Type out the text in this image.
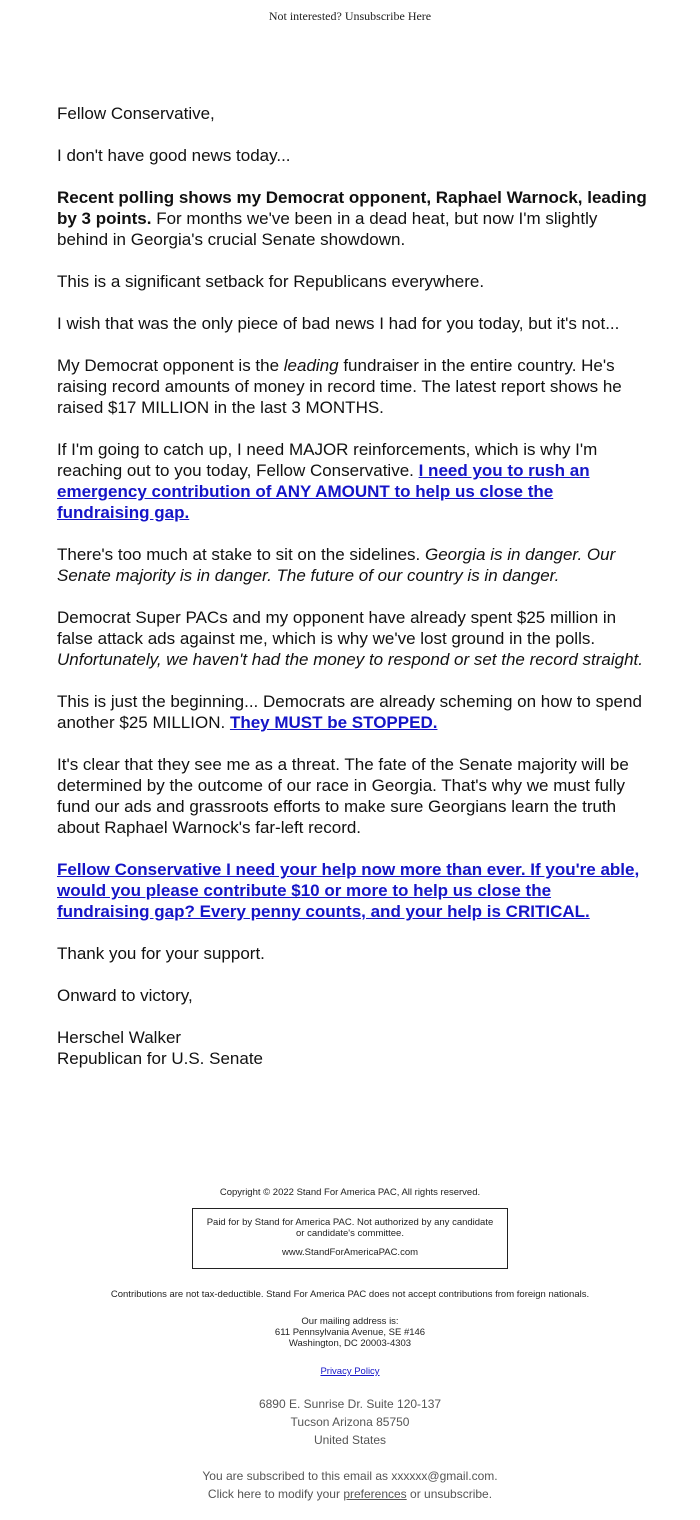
Not interested? Unsubscribe Here

Fellow Conservative,

I don't have good news today...

Recent polling shows my Democrat opponent, Raphael Warnock, leading by 3 points. For months we've been in a dead heat, but now I'm slightly behind in Georgia's crucial Senate showdown.

This is a significant setback for Republicans everywhere.

I wish that was the only piece of bad news I had for you today, but it's not...

My Democrat opponent is the leading fundraiser in the entire country. He's raising record amounts of money in record time. The latest report shows he raised $17 MILLION in the last 3 MONTHS.

If I'm going to catch up, I need MAJOR reinforcements, which is why I'm reaching out to you today, Fellow Conservative. I need you to rush an emergency contribution of ANY AMOUNT to help us close the fundraising gap.

There's too much at stake to sit on the sidelines. Georgia is in danger. Our Senate majority is in danger. The future of our country is in danger.

Democrat Super PACs and my opponent have already spent $25 million in false attack ads against me, which is why we've lost ground in the polls. Unfortunately, we haven't had the money to respond or set the record straight.

This is just the beginning... Democrats are already scheming on how to spend another $25 MILLION. They MUST be STOPPED.

It's clear that they see me as a threat. The fate of the Senate majority will be determined by the outcome of our race in Georgia. That's why we must fully fund our ads and grassroots efforts to make sure Georgians learn the truth about Raphael Warnock's far-left record.

Fellow Conservative I need your help now more than ever. If you're able, would you please contribute $10 or more to help us close the fundraising gap? Every penny counts, and your help is CRITICAL.

Thank you for your support.

Onward to victory,

Herschel Walker
Republican for U.S. Senate

Copyright © 2022 Stand For America PAC, All rights reserved.
Paid for by Stand for America PAC. Not authorized by any candidate or candidate's committee.
www.StandForAmericaPAC.com
Contributions are not tax-deductible. Stand For America PAC does not accept contributions from foreign nationals.
Our mailing address is:
611 Pennsylvania Avenue, SE #146
Washington, DC 20003-4303
Privacy Policy
6890 E. Sunrise Dr. Suite 120-137
Tucson Arizona 85750
United States
You are subscribed to this email as xxxxxx@gmail.com.
Click here to modify your preferences or unsubscribe.
